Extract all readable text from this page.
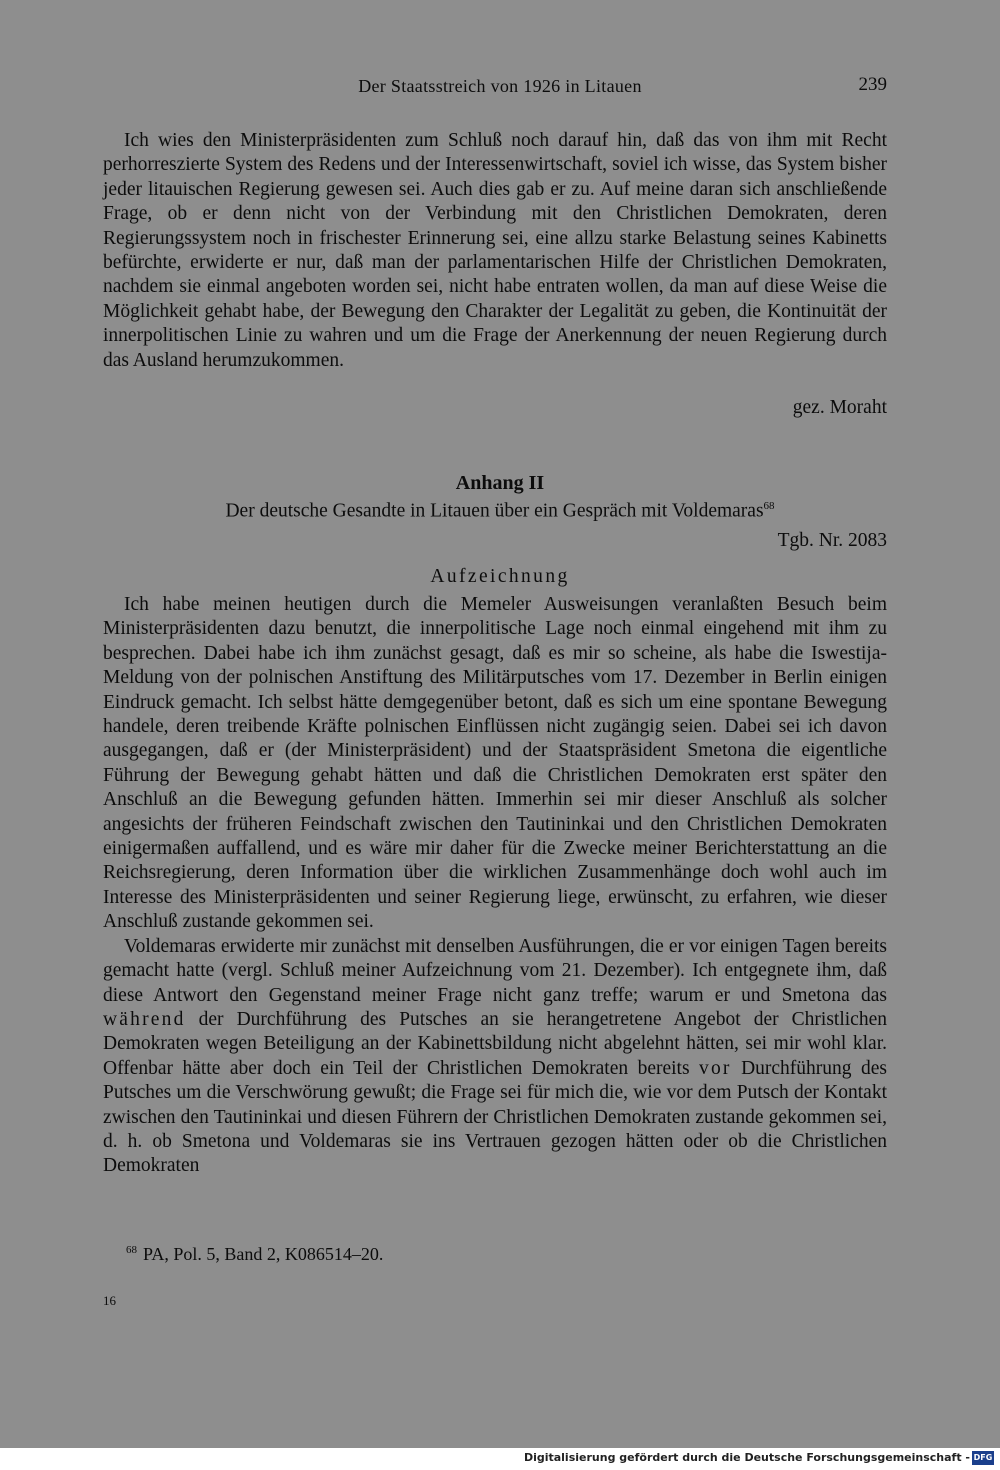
Der Staatsstreich von 1926 in Litauen	239

Ich wies den Ministerpräsidenten zum Schluß noch darauf hin, daß das von ihm mit Recht perhorreszierte System des Redens und der Interessenwirtschaft, soviel ich wisse, das System bisher jeder litauischen Regierung gewesen sei. Auch dies gab er zu. Auf meine daran sich anschließende Frage, ob er denn nicht von der Verbindung mit den Christlichen Demokraten, deren Regierungssystem noch in frischester Erinnerung sei, eine allzu starke Belastung seines Kabinetts befürchte, erwiderte er nur, daß man der parlamentarischen Hilfe der Christlichen Demokraten, nachdem sie einmal angeboten worden sei, nicht habe entraten wollen, da man auf diese Weise die Möglichkeit gehabt habe, der Bewegung den Charakter der Legalität zu geben, die Kontinuität der innerpolitischen Linie zu wahren und um die Frage der Anerkennung der neuen Regierung durch das Ausland herumzukommen.

gez. Moraht
Anhang II
Der deutsche Gesandte in Litauen über ein Gespräch mit Voldemaras$^{68}$
Tgb. Nr. 2083
Aufzeichnung

Ich habe meinen heutigen durch die Memeler Ausweisungen veranlaßten Besuch beim Ministerpräsidenten dazu benutzt, die innerpolitische Lage noch einmal eingehend mit ihm zu besprechen. Dabei habe ich ihm zunächst gesagt, daß es mir so scheine, als habe die Iswestija-Meldung von der polnischen Anstiftung des Militärputsches vom 17. Dezember in Berlin einigen Eindruck gemacht. Ich selbst hätte demgegenüber betont, daß es sich um eine spontane Bewegung handele, deren treibende Kräfte polnischen Einflüssen nicht zugängig seien. Dabei sei ich davon ausgegangen, daß er (der Ministerpräsident) und der Staatspräsident Smetona die eigentliche Führung der Bewegung gehabt hätten und daß die Christlichen Demokraten erst später den Anschluß an die Bewegung gefunden hätten. Immerhin sei mir dieser Anschluß als solcher angesichts der früheren Feindschaft zwischen den Tautininkai und den Christlichen Demokraten einigermaßen auffallend, und es wäre mir daher für die Zwecke meiner Berichterstattung an die Reichsregierung, deren Information über die wirklichen Zusammenhänge doch wohl auch im Interesse des Ministerpräsidenten und seiner Regierung liege, erwünscht, zu erfahren, wie dieser Anschluß zustande gekommen sei.

Voldemaras erwiderte mir zunächst mit denselben Ausführungen, die er vor einigen Tagen bereits gemacht hatte (vergl. Schluß meiner Aufzeichnung vom 21. Dezember). Ich entgegnete ihm, daß diese Antwort den Gegenstand meiner Frage nicht ganz treffe; warum er und Smetona das während der Durchführung des Putsches an sie herangetretene Angebot der Christlichen Demokraten wegen Beteiligung an der Kabinettsbildung nicht abgelehnt hätten, sei mir wohl klar. Offenbar hätte aber doch ein Teil der Christlichen Demokraten bereits vor Durchführung des Putsches um die Verschwörung gewußt; die Frage sei für mich die, wie vor dem Putsch der Kontakt zwischen den Tautininkai und diesen Führern der Christlichen Demokraten zustande gekommen sei, d. h. ob Smetona und Voldemaras sie ins Vertrauen gezogen hätten oder ob die Christlichen Demokraten

$^{68}$ PA, Pol. 5, Band 2, K086514–20.
16
Digitalisierung gefördert durch die Deutsche Forschungsgemeinschaft - DFG
